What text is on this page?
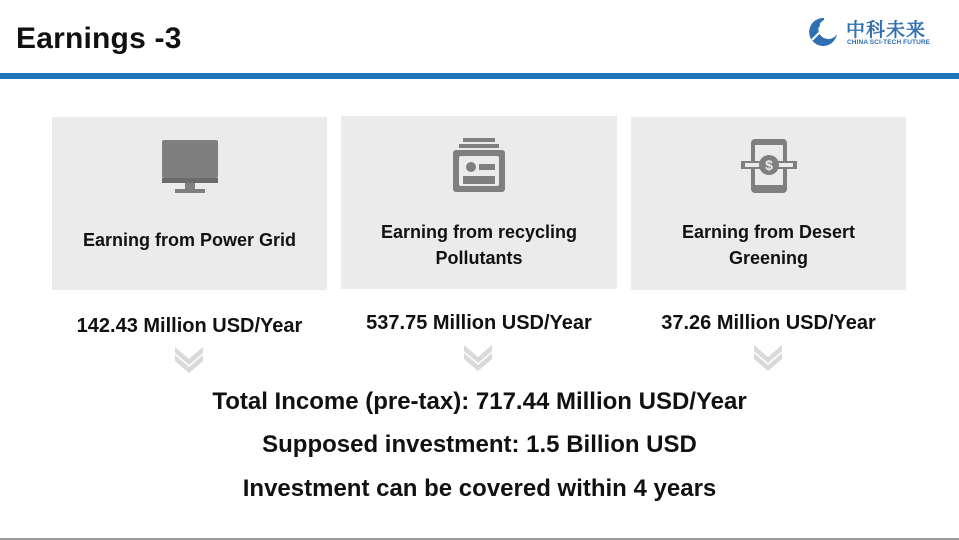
Earnings -3	中科未来
CHINA SCI-TECH FUTURE
Earning from Power Grid	Earning from recycling
Pollutants
$
Earning from Desert
Greening
142.43 Million USD/Year	537.75 Million USD/Year	37.26 Million USD/Year
Total Income (pre-tax): 717.44 Million USD/Year
Supposed investment: 1.5 Billion USD
Investment can be covered within 4 years
